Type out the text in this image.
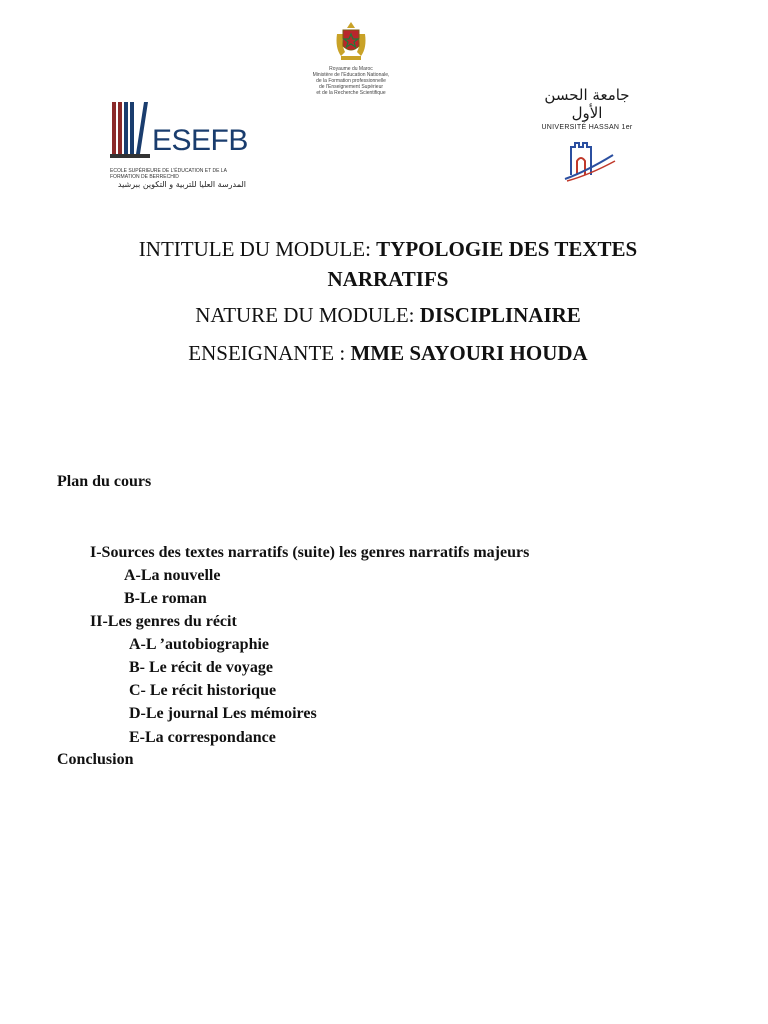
Royaume du Maroc
Ministère de l'Education Nationale,
de la Formation professionnelle
de l'Enseignement Supérieur
et de la Recherche Scientifique
ESEFB
ECOLE SUPÉRIEURE DE L'ÉDUCATION ET DE LA FORMATION DE BERRECHID
المدرسة العليا للتربية و التكوين ببرشيد
جامعة الحسن الأول
UNIVERSITÉ HASSAN 1er
INTITULE DU MODULE: TYPOLOGIE DES TEXTES NARRATIFS
NATURE DU MODULE: DISCIPLINAIRE
ENSEIGNANTE : MME SAYOURI HOUDA
Plan du cours
I-Sources des textes narratifs (suite) les genres narratifs majeurs
A-La nouvelle
B-Le roman
II-Les genres du récit
A-L ’autobiographie
B- Le récit de voyage
C- Le récit historique
D-Le journal Les mémoires
E-La correspondance
Conclusion
